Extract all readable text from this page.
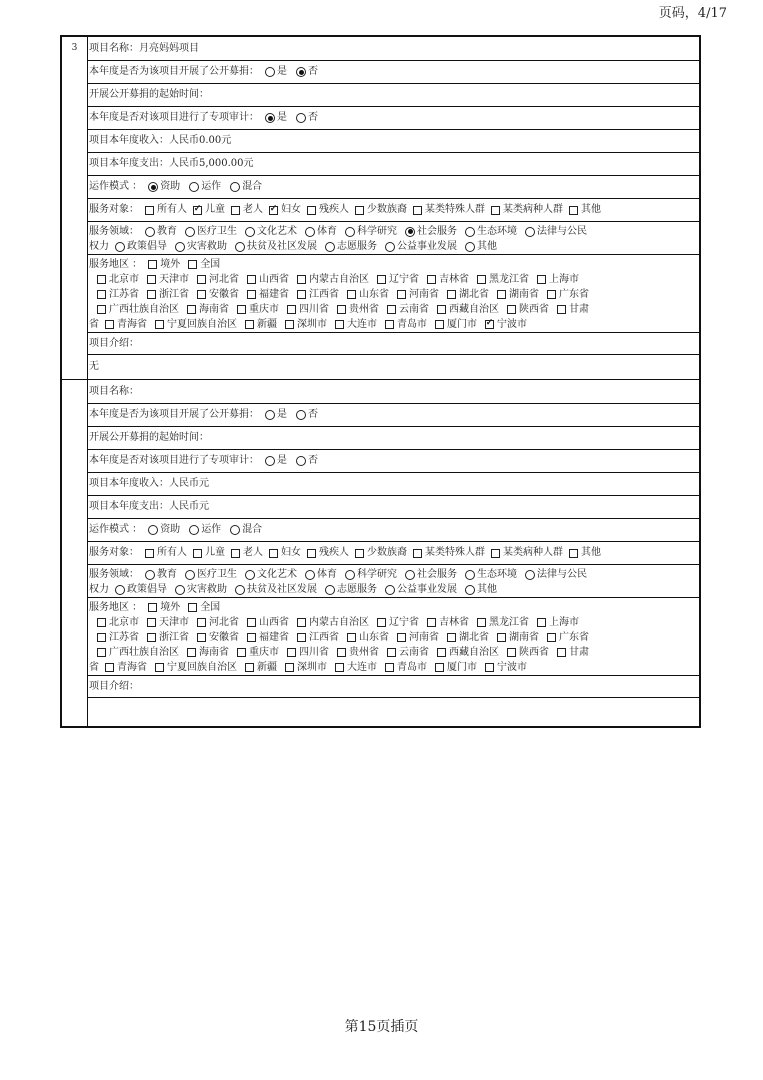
页码，4/17
3	项目名称：月亮妈妈项目
本年度是否为该项目开展了公开募捐： 是 否
开展公开募捐的起始时间：
本年度是否对该项目进行了专项审计： 是 否
项目本年度收入：人民币0.00元
项目本年度支出：人民币5,000.00元
运作模式 ： 资助 运作 混合
服务对象： 所有人 ✓ 儿童 老人 ✓ 妇女 残疾人 少数族裔 某类特殊人群 某类病种人群 其他
服务领域： 教育 医疗卫生 文化艺术 体育 科学研究 社会服务 生态环境 法律与公民
权力 政策倡导 灾害救助 扶贫及社区发展 志愿服务 公益事业发展 其他
服务地区 ： 境外 全国
北京市 天津市 河北省 山西省 内蒙古自治区 辽宁省 吉林省 黑龙江省 上海市
江苏省 浙江省 安徽省 福建省 江西省 山东省 河南省 湖北省 湖南省 广东省
广西壮族自治区 海南省 重庆市 四川省 贵州省 云南省 西藏自治区 陕西省 甘肃
省 青海省 宁夏回族自治区 新疆 深圳市 大连市 青岛市 厦门市 ✓ 宁波市
项目介绍：
无
项目名称：
本年度是否为该项目开展了公开募捐： 是 否
开展公开募捐的起始时间：
本年度是否对该项目进行了专项审计： 是 否
项目本年度收入：人民币元
项目本年度支出：人民币元
运作模式 ： 资助 运作 混合
服务对象： 所有人 儿童 老人 妇女 残疾人 少数族裔 某类特殊人群 某类病种人群 其他
服务领域： 教育 医疗卫生 文化艺术 体育 科学研究 社会服务 生态环境 法律与公民
权力 政策倡导 灾害救助 扶贫及社区发展 志愿服务 公益事业发展 其他
服务地区 ： 境外 全国
北京市 天津市 河北省 山西省 内蒙古自治区 辽宁省 吉林省 黑龙江省 上海市
江苏省 浙江省 安徽省 福建省 江西省 山东省 河南省 湖北省 湖南省 广东省
广西壮族自治区 海南省 重庆市 四川省 贵州省 云南省 西藏自治区 陕西省 甘肃
省 青海省 宁夏回族自治区 新疆 深圳市 大连市 青岛市 厦门市 宁波市
项目介绍：
第15页插页
